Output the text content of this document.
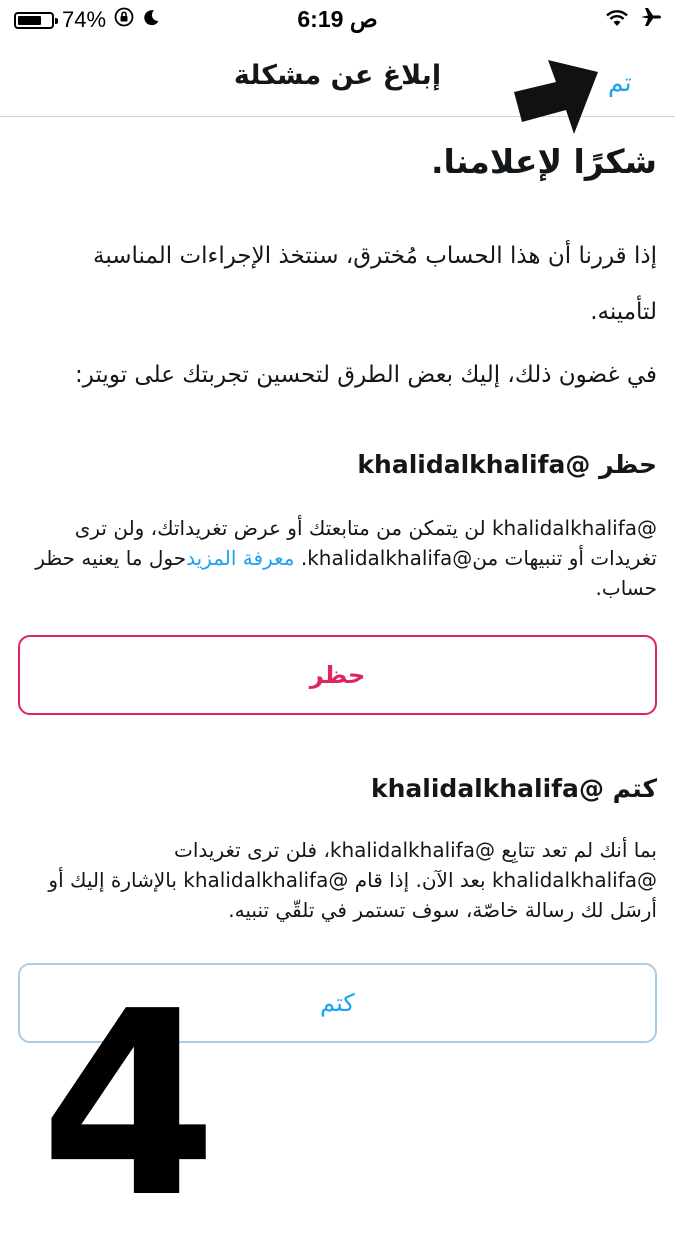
74%	6:19 ص
إبلاغ عن مشكلة	تم
شكرًا لإعلامنا.
إذا قررنا أن هذا الحساب مُخترق، سنتخذ الإجراءات المناسبة
لتأمينه.
في غضون ذلك، إليك بعض الطرق لتحسين تجربتك على تويتر:
حظر @khalidalkhalifa
@khalidalkhalifa لن يتمكن من متابعتك أو عرض تغريداتك، ولن ترى
تغريدات أو تنبيهات من@khalidalkhalifa. معرفة المزيدحول ما يعنيه حظر
حساب.
حظر
كتم @khalidalkhalifa
بما أنك لم تعد تتابِع @khalidalkhalifa، فلن ترى تغريدات
@khalidalkhalifa بعد الآن. إذا قام @khalidalkhalifa بالإشارة إليك أو
أرسَل لك رسالة خاصّة، سوف تستمر في تلقّي تنبيه.
كتم
4
